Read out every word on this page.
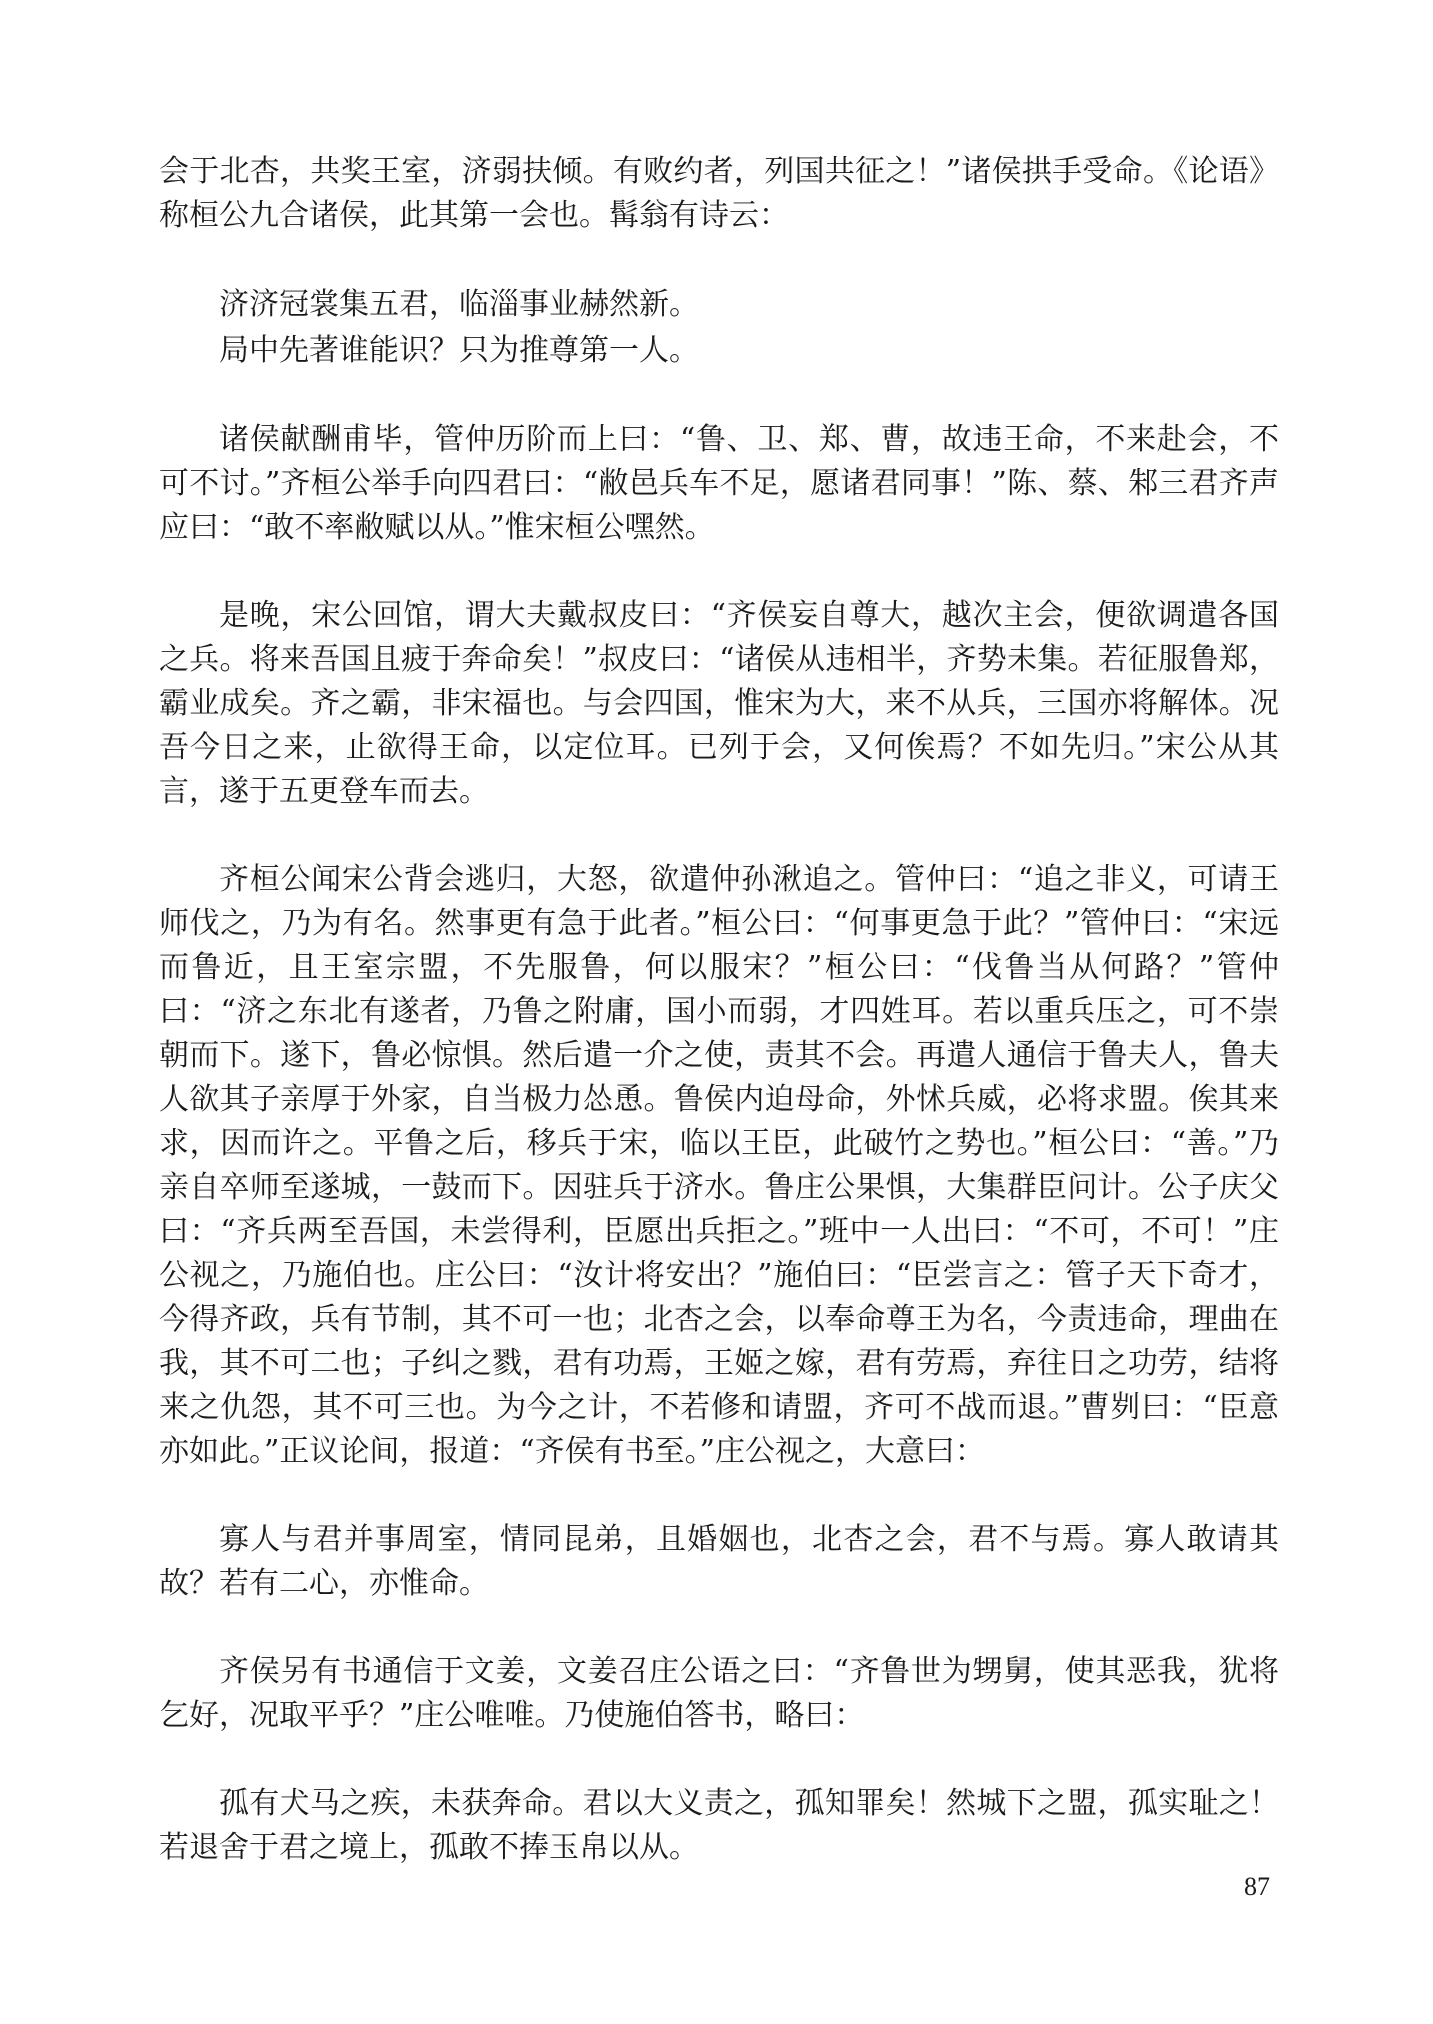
会于北杏，共奖王室，济弱扶倾。有败约者，列国共征之！”诸侯拱手受命。《论语》称桓公九合诸侯，此其第一会也。髯翁有诗云：

济济冠裳集五君，临淄事业赫然新。

局中先著谁能识？只为推尊第一人。

诸侯献酬甫毕，管仲历阶而上曰：“鲁、卫、郑、曹，故违王命，不来赴会，不可不讨。”齐桓公举手向四君曰：“敝邑兵车不足，愿诸君同事！”陈、蔡、邾三君齐声应曰：“敢不率敝赋以从。”惟宋桓公嘿然。

是晚，宋公回馆，谓大夫戴叔皮曰：“齐侯妄自尊大，越次主会，便欲调遣各国之兵。将来吾国且疲于奔命矣！”叔皮曰：“诸侯从违相半，齐势未集。若征服鲁郑，霸业成矣。齐之霸，非宋福也。与会四国，惟宋为大，来不从兵，三国亦将解体。况吾今日之来，止欲得王命，以定位耳。已列于会，又何俟焉？不如先归。”宋公从其言，遂于五更登车而去。

齐桓公闻宋公背会逃归，大怒，欲遣仲孙湫追之。管仲曰：“追之非义，可请王师伐之，乃为有名。然事更有急于此者。”桓公曰：“何事更急于此？”管仲曰：“宋远而鲁近，且王室宗盟，不先服鲁，何以服宋？”桓公曰：“伐鲁当从何路？”管仲曰：“济之东北有遂者，乃鲁之附庸，国小而弱，才四姓耳。若以重兵压之，可不崇朝而下。遂下，鲁必惊惧。然后遣一介之使，责其不会。再遣人通信于鲁夫人，鲁夫人欲其子亲厚于外家，自当极力怂恿。鲁侯内迫母命，外怵兵威，必将求盟。俟其来求，因而许之。平鲁之后，移兵于宋，临以王臣，此破竹之势也。”桓公曰：“善。”乃亲自卒师至遂城，一鼓而下。因驻兵于济水。鲁庄公果惧，大集群臣问计。公子庆父曰：“齐兵两至吾国，未尝得利，臣愿出兵拒之。”班中一人出曰：“不可，不可！”庄公视之，乃施伯也。庄公曰：“汝计将安出？”施伯曰：“臣尝言之：管子天下奇才，今得齐政，兵有节制，其不可一也；北杏之会，以奉命尊王为名，今责违命，理曲在我，其不可二也；子纠之戮，君有功焉，王姬之嫁，君有劳焉，弃往日之功劳，结将来之仇怨，其不可三也。为今之计，不若修和请盟，齐可不战而退。”曹刿曰：“臣意亦如此。”正议论间，报道：“齐侯有书至。”庄公视之，大意曰：

寡人与君并事周室，情同昆弟，且婚姻也，北杏之会，君不与焉。寡人敢请其故？若有二心，亦惟命。

齐侯另有书通信于文姜，文姜召庄公语之曰：“齐鲁世为甥舅，使其恶我，犹将乞好，况取平乎？”庄公唯唯。乃使施伯答书，略曰：

孤有犬马之疾，未获奔命。君以大义责之，孤知罪矣！然城下之盟，孤实耻之！若退舍于君之境上，孤敢不捧玉帛以从。

87
